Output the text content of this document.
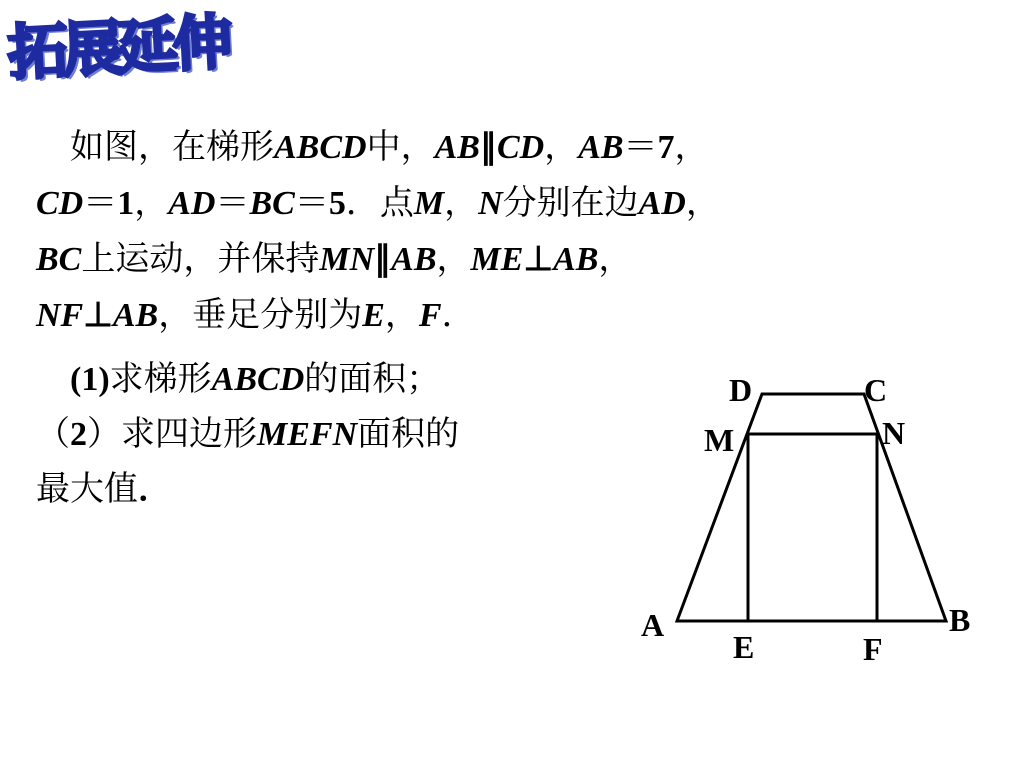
拓展延伸
　如图，在梯形ABCD中，AB∥CD，AB＝7，
CD＝1，AD＝BC＝5．点M，N分别在边AD，
BC上运动，并保持MN∥AB，ME⊥AB，
NF⊥AB，垂足分别为E，F．
　(1)求梯形ABCD的面积；
（2）求四边形MEFN面积的
最大值．
A	B
C
D
M	N
E	F
